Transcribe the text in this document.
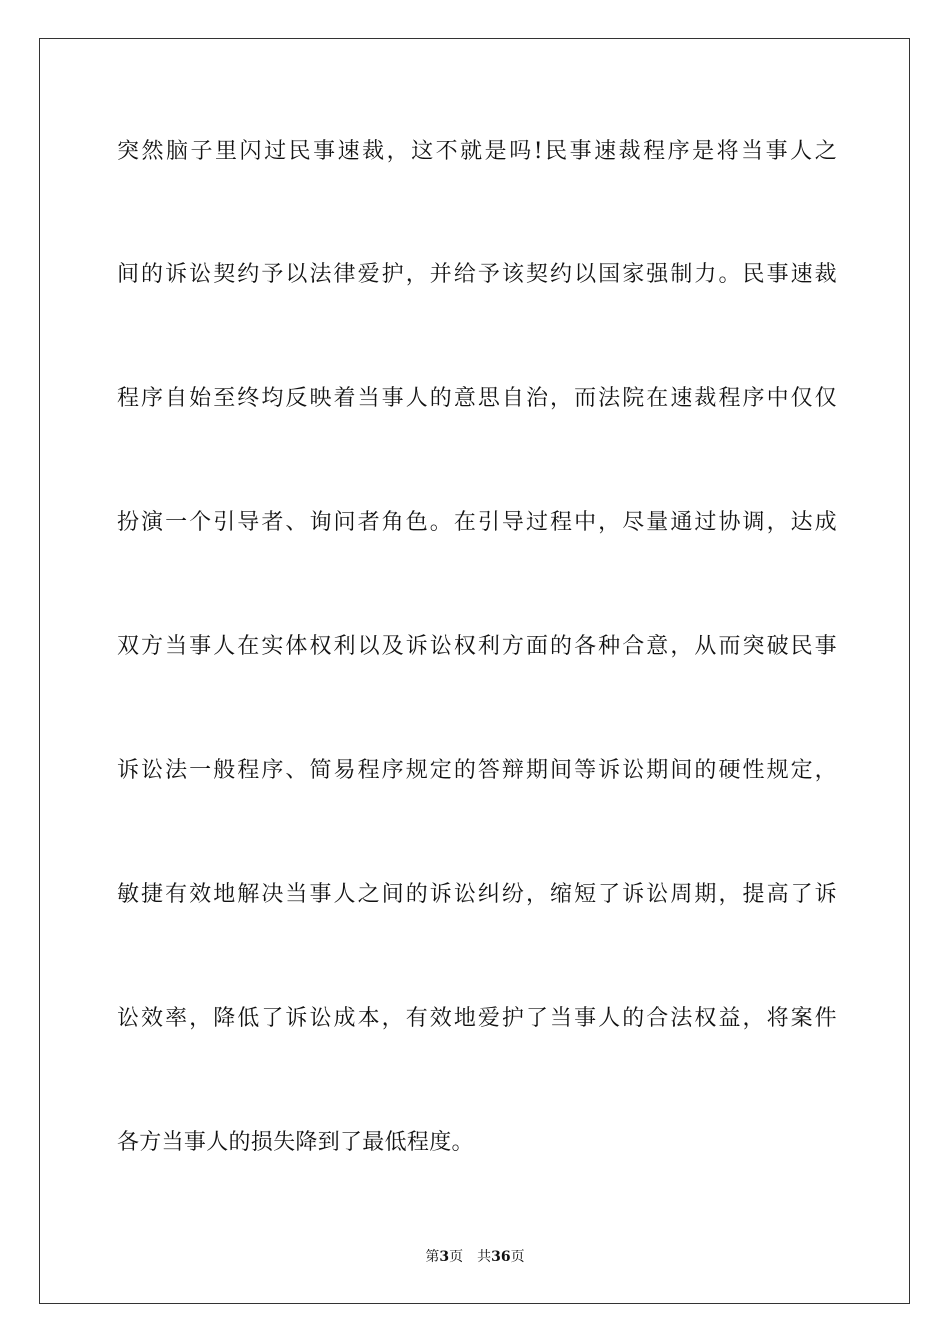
突然脑子里闪过民事速裁，这不就是吗!民事速裁程序是将当事人之
间的诉讼契约予以法律爱护，并给予该契约以国家强制力。民事速裁
程序自始至终均反映着当事人的意思自治，而法院在速裁程序中仅仅
扮演一个引导者、询问者角色。在引导过程中，尽量通过协调，达成
双方当事人在实体权利以及诉讼权利方面的各种合意，从而突破民事
诉讼法一般程序、简易程序规定的答辩期间等诉讼期间的硬性规定，
敏捷有效地解决当事人之间的诉讼纠纷，缩短了诉讼周期，提高了诉
讼效率，降低了诉讼成本，有效地爱护了当事人的合法权益，将案件
各方当事人的损失降到了最低程度。
第3页 共36页
